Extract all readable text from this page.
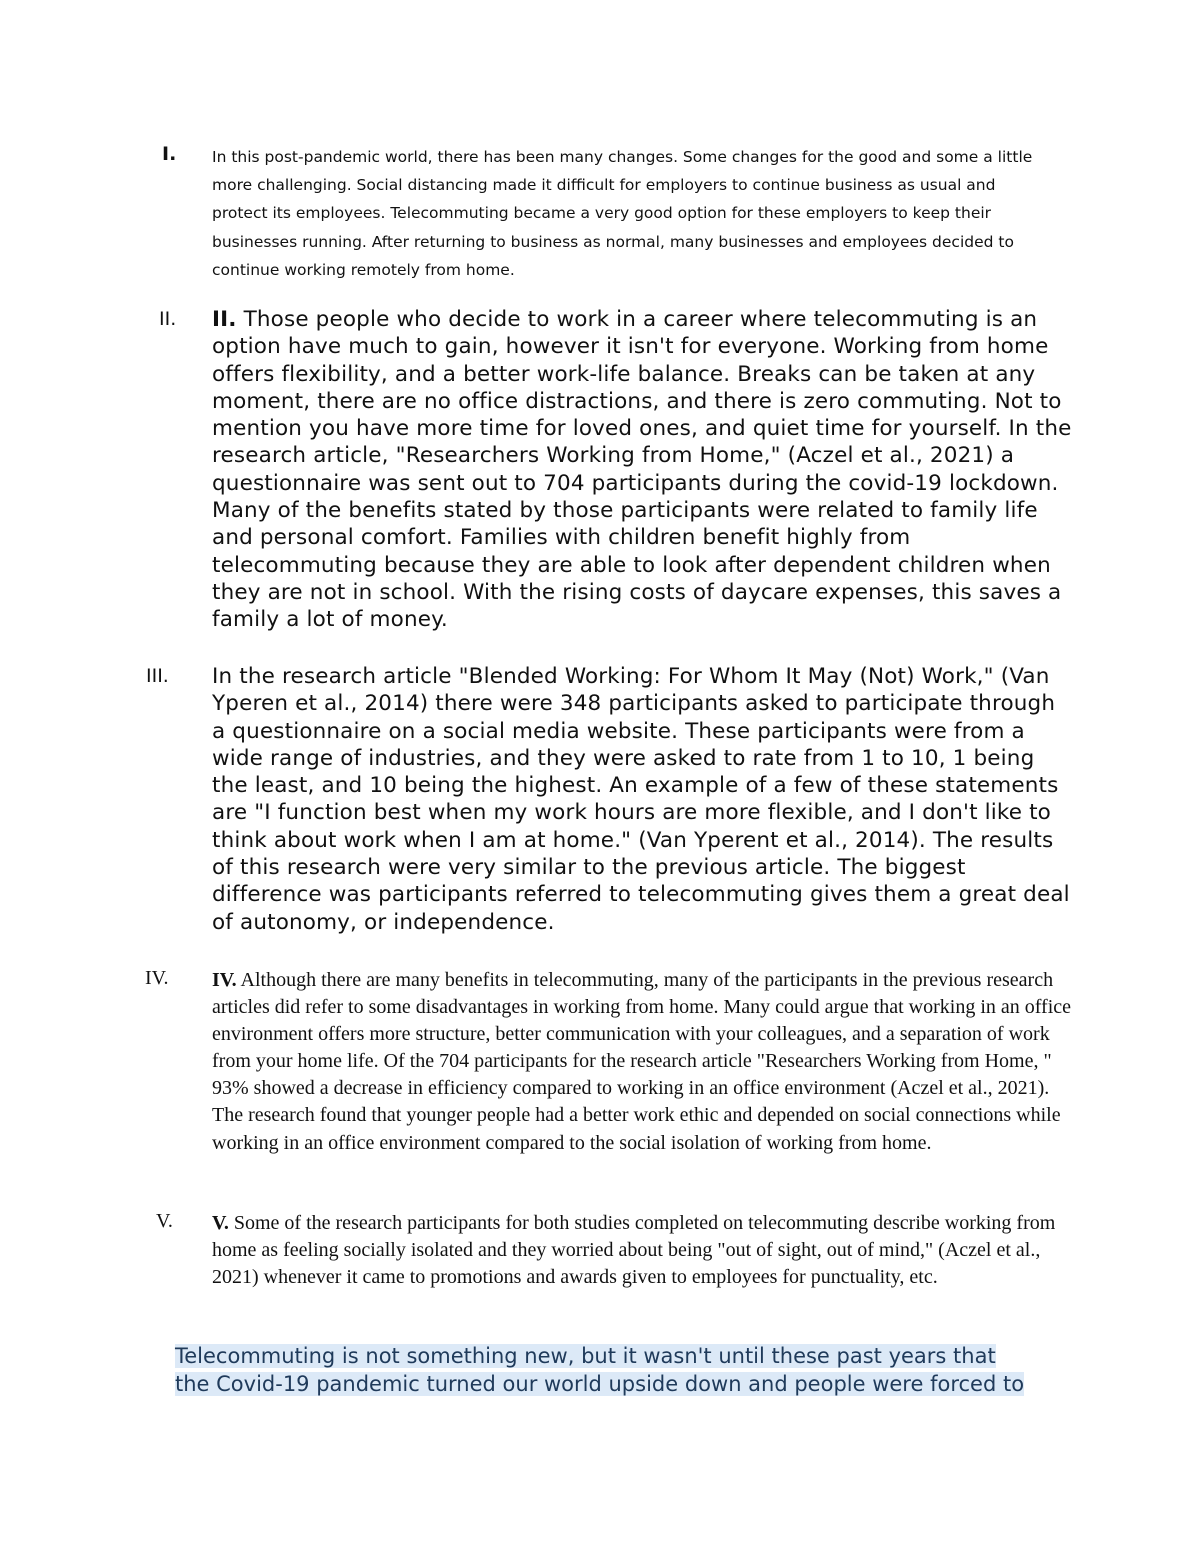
I. In this post-pandemic world, there has been many changes. Some changes for the good and some a little more challenging. Social distancing made it difficult for employers to continue business as usual and protect its employees. Telecommuting became a very good option for these employers to keep their businesses running. After returning to business as normal, many businesses and employees decided to continue working remotely from home.
II. II. Those people who decide to work in a career where telecommuting is an option have much to gain, however it isn't for everyone. Working from home offers flexibility, and a better work-life balance. Breaks can be taken at any moment, there are no office distractions, and there is zero commuting. Not to mention you have more time for loved ones, and quiet time for yourself. In the research article, "Researchers Working from Home," (Aczel et al., 2021) a questionnaire was sent out to 704 participants during the covid-19 lockdown. Many of the benefits stated by those participants were related to family life and personal comfort. Families with children benefit highly from telecommuting because they are able to look after dependent children when they are not in school. With the rising costs of daycare expenses, this saves a family a lot of money.
III. In the research article "Blended Working: For Whom It May (Not) Work," (Van Yperen et al., 2014) there were 348 participants asked to participate through a questionnaire on a social media website. These participants were from a wide range of industries, and they were asked to rate from 1 to 10, 1 being the least, and 10 being the highest. An example of a few of these statements are "I function best when my work hours are more flexible, and I don't like to think about work when I am at home." (Van Yperent et al., 2014). The results of this research were very similar to the previous article. The biggest difference was participants referred to telecommuting gives them a great deal of autonomy, or independence.
IV. IV. Although there are many benefits in telecommuting, many of the participants in the previous research articles did refer to some disadvantages in working from home. Many could argue that working in an office environment offers more structure, better communication with your colleagues, and a separation of work from your home life. Of the 704 participants for the research article "Researchers Working from Home, " 93% showed a decrease in efficiency compared to working in an office environment (Aczel et al., 2021). The research found that younger people had a better work ethic and depended on social connections while working in an office environment compared to the social isolation of working from home.
V. V. Some of the research participants for both studies completed on telecommuting describe working from home as feeling socially isolated and they worried about being "out of sight, out of mind," (Aczel et al., 2021) whenever it came to promotions and awards given to employees for punctuality, etc.
Telecommuting is not something new, but it wasn't until these past years that
the Covid-19 pandemic turned our world upside down and people were forced to
